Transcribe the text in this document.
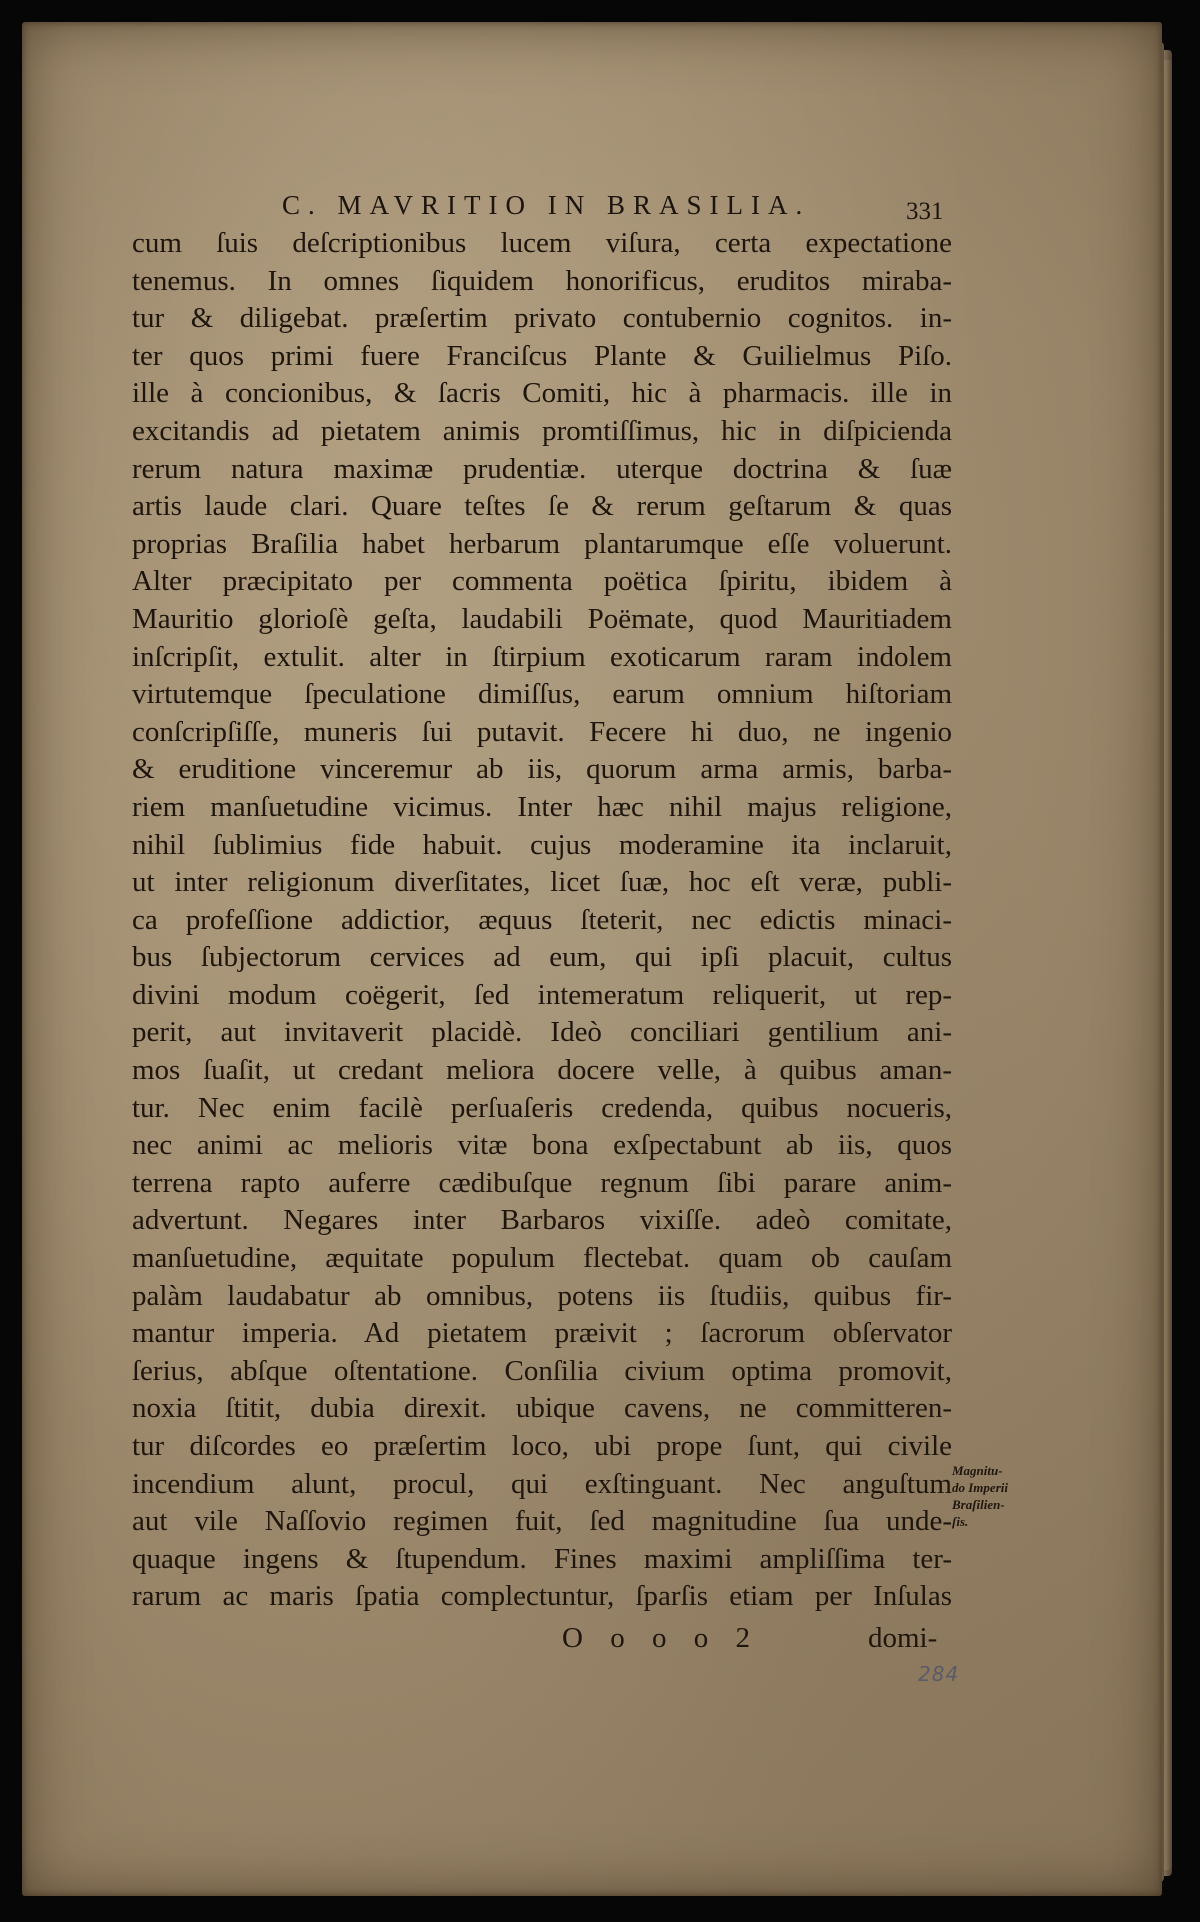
C. MAVRITIO IN BRASILIA.	331
cum ſuis deſcriptionibus lucem viſura, certa expectatione
tenemus. In omnes ſiquidem honorificus, eruditos mirabа-
tur & diligebat. præſertim privato contubernio cognitos. in-
ter quos primi fuere Franciſcus Plante & Guilielmus Piſo.
ille à concionibus, & ſacris Comiti, hic à pharmacis. ille in
excitandis ad pietatem animis promtiſſimus, hic in diſpicienda
rerum natura maximæ prudentiæ. uterque doctrina & ſuæ
artis laude clari. Quare teſtes ſe & rerum geſtarum & quas
proprias Braſilia habet herbarum plantarumque eſſe voluerunt.
Alter præcipitato per commenta poëtica ſpiritu, ibidem à
Mauritio glorioſè geſta, laudabili Poëmate, quod Mauritiadem
inſcripſit, extulit. alter in ſtirpium exoticarum raram indolem
virtutemque ſpeculatione dimiſſus, earum omnium hiſtoriam
conſcripſiſſe, muneris ſui putavit. Fecere hi duo, ne ingenio
& eruditione vinceremur ab iis, quorum arma armis, barba-
riem manſuetudine vicimus. Inter hæc nihil majus religione,
nihil ſublimius fide habuit. cujus moderamine ita inclaruit,
ut inter religionum diverſitates, licet ſuæ, hoc eſt veræ, publi-
ca profeſſione addictior, æquus ſteterit, nec edictis minaci-
bus ſubjectorum cervices ad eum, qui ipſi placuit, cultus
divini modum coëgerit, ſed intemeratum reliquerit, ut rep-
perit, aut invitaverit placidè. Ideò conciliari gentilium ani-
mos ſuaſit, ut credant meliora docere velle, à quibus aman-
tur. Nec enim facilè perſuaſeris credenda, quibus nocueris,
nec animi ac melioris vitæ bona exſpectabunt ab iis, quos
terrena rapto auferre cædibuſque regnum ſibi parare anim-
advertunt. Negares inter Barbaros vixiſſe. adeò comitate,
manſuetudine, æquitate populum flectebat. quam ob cauſam
palàm laudabatur ab omnibus, potens iis ſtudiis, quibus fir-
mantur imperia. Ad pietatem præivit ; ſacrorum obſervator
ſerius, abſque oſtentatione. Conſilia civium optima promovit,
noxia ſtitit, dubia direxit. ubique cavens, ne committeren-
tur diſcordes eo præſertim loco, ubi prope ſunt, qui civile
incendium alunt, procul, qui exſtinguant. Nec anguſtum
aut vile Naſſovio regimen fuit, ſed magnitudine ſua unde-
quaque ingens & ſtupendum. Fines maximi ampliſſima ter-
rarum ac maris ſpatia complectuntur, ſparſis etiam per Inſulas
Magnitu-
do Imperii
Braſilien-
ſis.
O o o o 2	domi-
284
